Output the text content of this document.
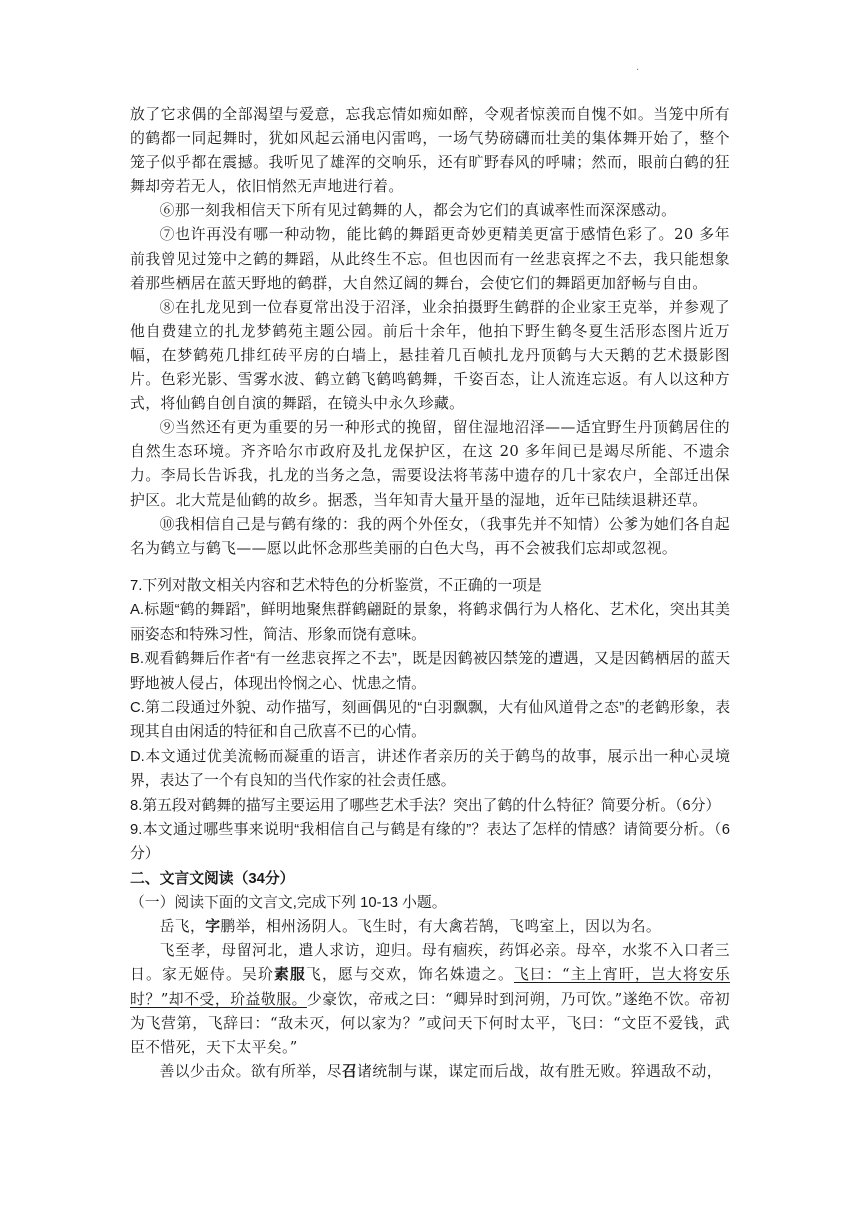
.

放了它求偶的全部渴望与爱意，忘我忘情如痴如醉，令观者惊羡而自愧不如。当笼中所有的鹤都一同起舞时，犹如风起云涌电闪雷鸣，一场气势磅礴而壮美的集体舞开始了，整个笼子似乎都在震撼。我听见了雄浑的交响乐，还有旷野春风的呼啸；然而，眼前白鹤的狂舞却旁若无人，依旧悄然无声地进行着。

⑥那一刻我相信天下所有见过鹤舞的人，都会为它们的真诚率性而深深感动。

⑦也许再没有哪一种动物，能比鹤的舞蹈更奇妙更精美更富于感情色彩了。20 多年前我曾见过笼中之鹤的舞蹈，从此终生不忘。但也因而有一丝悲哀挥之不去，我只能想象着那些栖居在蓝天野地的鹤群，大自然辽阔的舞台，会使它们的舞蹈更加舒畅与自由。

⑧在扎龙见到一位春夏常出没于沼泽，业余拍摄野生鹤群的企业家王克举，并参观了他自费建立的扎龙梦鹤苑主题公园。前后十余年，他拍下野生鹤冬夏生活形态图片近万幅，在梦鹤苑几排红砖平房的白墙上，悬挂着几百帧扎龙丹顶鹤与大天鹅的艺术摄影图片。色彩光影、雪雾水波、鹤立鹤飞鹤鸣鹤舞，千姿百态，让人流连忘返。有人以这种方式，将仙鹤自创自演的舞蹈，在镜头中永久珍藏。

⑨当然还有更为重要的另一种形式的挽留，留住湿地沼泽——适宜野生丹顶鹤居住的自然生态环境。齐齐哈尔市政府及扎龙保护区，在这 20 多年间已是竭尽所能、不遗余力。李局长告诉我，扎龙的当务之急，需要设法将苇荡中遗存的几十家农户，全部迁出保护区。北大荒是仙鹤的故乡。据悉，当年知青大量开垦的湿地，近年已陆续退耕还草。

⑩我相信自己是与鹤有缘的：我的两个外侄女，（我事先并不知情）公爹为她们各自起名为鹤立与鹤飞——愿以此怀念那些美丽的白色大鸟，再不会被我们忘却或忽视。

7.下列对散文相关内容和艺术特色的分析鉴赏，不正确的一项是

A.标题“鹤的舞蹈”，鲜明地聚焦群鹤翩跹的景象，将鹤求偶行为人格化、艺术化，突出其美丽姿态和特殊习性，简洁、形象而饶有意味。

B.观看鹤舞后作者“有一丝悲哀挥之不去”，既是因鹤被囚禁笼的遭遇，又是因鹤栖居的蓝天野地被人侵占，体现出怜悯之心、忧患之情。

C.第二段通过外貌、动作描写，刻画偶见的“白羽飘飘，大有仙风道骨之态”的老鹤形象，表现其自由闲适的特征和自己欣喜不已的心情。

D.本文通过优美流畅而凝重的语言，讲述作者亲历的关于鹤鸟的故事，展示出一种心灵境界，表达了一个有良知的当代作家的社会责任感。

8.第五段对鹤舞的描写主要运用了哪些艺术手法？突出了鹤的什么特征？简要分析。（6分）

9.本文通过哪些事来说明“我相信自己与鹤是有缘的”？表达了怎样的情感？请简要分析。（6分）

二、文言文阅读（34分）
（一）阅读下面的文言文,完成下列 10-13 小题。

岳飞，字鹏举，相州汤阴人。飞生时，有大禽若鹄，飞鸣室上，因以为名。

飞至孝，母留河北，遣人求访，迎归。母有痼疾，药饵必亲。母卒，水浆不入口者三日。家无姬侍。吴玠素服飞，愿与交欢，饰名姝遗之。飞曰：“主上宵旰，岂大将安乐时？”却不受，玠益敬服。少豪饮，帝戒之曰：“卿异时到河朔，乃可饮。”遂绝不饮。帝初为飞营第，飞辞曰：“敌未灭，何以家为？”或问天下何时太平，飞曰：“文臣不爱钱，武臣不惜死，天下太平矣。”

善以少击众。欲有所举，尽召诸统制与谋，谋定而后战，故有胜无败。猝遇敌不动，
